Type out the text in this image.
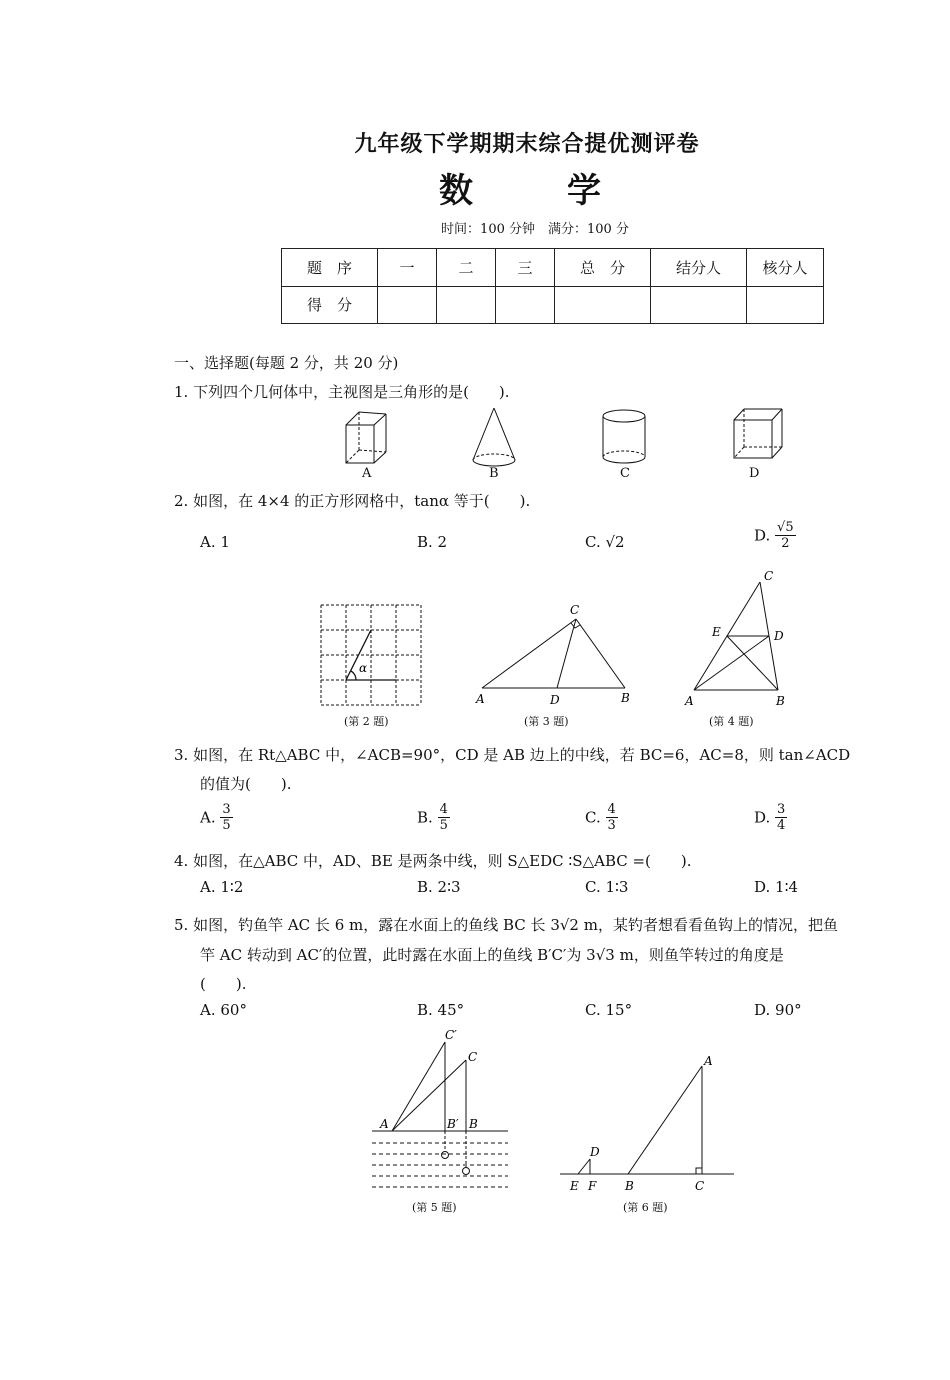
九年级下学期期末综合提优测评卷
数　学
时间：100 分钟　满分：100 分
题　序	一	二	三	总　分	结分人	核分人
得　分						
一、选择题(每题 2 分，共 20 分)
1. 下列四个几何体中，主视图是三角形的是(　　).
A	B	C	D
2. 如图，在 4×4 的正方形网格中，tanα 等于(　　).
A. 1	B. 2	C. √2	D. $\frac{√5}{2}$
α
(第 2 题)
C
A	D	B
(第 3 题)
C
E	D
A	B
(第 4 题)
3. 如图，在 Rt△ABC 中，∠ACB=90°，CD 是 AB 边上的中线，若 BC=6，AC=8，则 tan∠ACD
的值为(　　).
A. $\frac{3}{5}$	B. $\frac{4}{5}$	C. $\frac{4}{3}$	D. $\frac{3}{4}$
4. 如图，在△ABC 中，AD、BE 是两条中线，则 S△EDC ∶S△ABC =(　　).
A. 1∶2	B. 2∶3	C. 1∶3	D. 1∶4
5. 如图，钓鱼竿 AC 长 6 m，露在水面上的鱼线 BC 长 3√2 m，某钓者想看看鱼钩上的情况，把鱼
竿 AC 转动到 AC′的位置，此时露在水面上的鱼线 B′C′为 3√3 m，则鱼竿转过的角度是
(　　).
A. 60°	B. 45°	C. 15°	D. 90°
C′
C
A	B′ B
(第 5 题)
A
D
E F B	C
(第 6 题)
